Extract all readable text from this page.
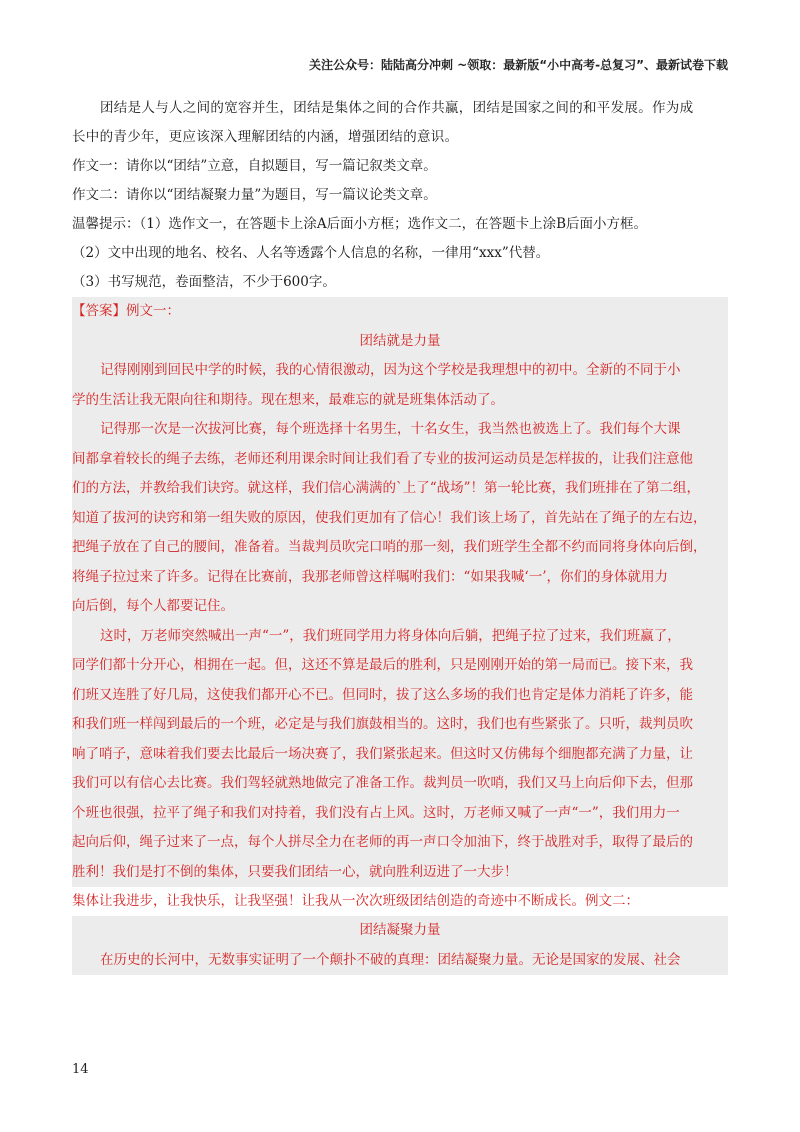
关注公众号：陆陆高分冲刺 ~领取：最新版“小中高考-总复习”、最新试卷下载
团结是人与人之间的宽容并生，团结是集体之间的合作共赢，团结是国家之间的和平发展。作为成
长中的青少年，更应该深入理解团结的内涵，增强团结的意识。
作文一：请你以“团结”立意，自拟题目，写一篇记叙类文章。
作文二：请你以“团结凝聚力量”为题目，写一篇议论类文章。
温馨提示：（1）选作文一，在答题卡上涂A后面小方框；选作文二，在答题卡上涂B后面小方框。
（2）文中出现的地名、校名、人名等透露个人信息的名称，一律用“xxx”代替。
（3）书写规范，卷面整洁，不少于600字。
【答案】例文一：
团结就是力量
记得刚刚到回民中学的时候，我的心情很激动，因为这个学校是我理想中的初中。全新的不同于小
学的生活让我无限向往和期待。现在想来，最难忘的就是班集体活动了。
记得那一次是一次拔河比赛，每个班选择十名男生，十名女生，我当然也被选上了。我们每个大课
间都拿着较长的绳子去练，老师还利用课余时间让我们看了专业的拔河运动员是怎样拔的，让我们注意他
们的方法，并教给我们诀窍。就这样，我们信心满满的`上了“战场”！第一轮比赛，我们班排在了第二组，
知道了拔河的诀窍和第一组失败的原因，使我们更加有了信心！我们该上场了，首先站在了绳子的左右边，
把绳子放在了自己的腰间，准备着。当裁判员吹完口哨的那一刻，我们班学生全都不约而同将身体向后倒，
将绳子拉过来了许多。记得在比赛前，我那老师曾这样嘱咐我们：“如果我喊‘一’，你们的身体就用力
向后倒，每个人都要记住。
这时，万老师突然喊出一声“一”，我们班同学用力将身体向后躺，把绳子拉了过来，我们班赢了，
同学们都十分开心，相拥在一起。但，这还不算是最后的胜利，只是刚刚开始的第一局而已。接下来，我
们班又连胜了好几局，这使我们都开心不已。但同时，拔了这么多场的我们也肯定是体力消耗了许多，能
和我们班一样闯到最后的一个班，必定是与我们旗鼓相当的。这时，我们也有些紧张了。只听，裁判员吹
响了哨子，意味着我们要去比最后一场决赛了，我们紧张起来。但这时又仿佛每个细胞都充满了力量，让
我们可以有信心去比赛。我们驾轻就熟地做完了准备工作。裁判员一吹哨，我们又马上向后仰下去，但那
个班也很强，拉平了绳子和我们对持着，我们没有占上风。这时，万老师又喊了一声“一”，我们用力一
起向后仰，绳子过来了一点，每个人拼尽全力在老师的再一声口令加油下，终于战胜对手，取得了最后的
胜利！我们是打不倒的集体，只要我们团结一心，就向胜利迈进了一大步！
集体让我进步，让我快乐，让我坚强！让我从一次次班级团结创造的奇迹中不断成长。例文二：
团结凝聚力量
在历史的长河中，无数事实证明了一个颠扑不破的真理：团结凝聚力量。无论是国家的发展、社会
14
